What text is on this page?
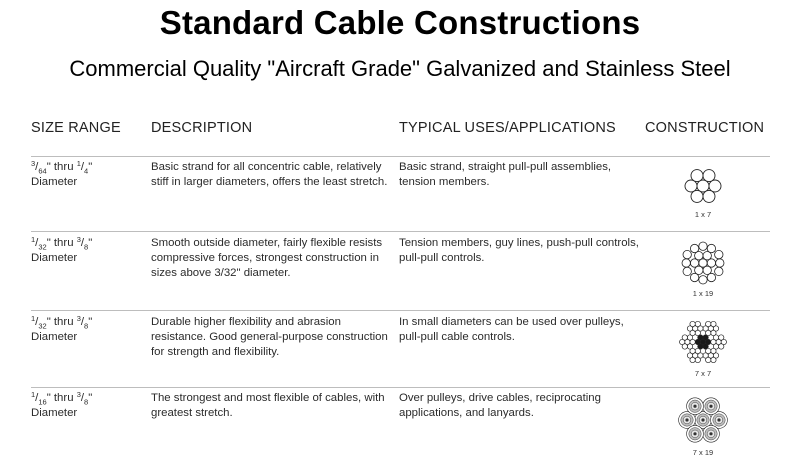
Standard Cable Constructions
Commercial Quality "Aircraft Grade" Galvanized and Stainless Steel
SIZE RANGE DESCRIPTION	TYPICAL USES/APPLICATIONS CONSTRUCTION
$^3/_{64}$" thru $^1/_4$"
Diameter
Basic strand for all concentric cable, relatively stiff in larger diameters, offers the least stretch.
Basic strand, straight pull-pull assemblies, tension members.
1 x 7
$^1/_{32}$" thru $^3/_8$"
Diameter
Smooth outside diameter, fairly flexible resists compressive forces, strongest construction in sizes above 3/32" diameter.
Tension members, guy lines, push-pull controls, pull-pull controls.
1 x 19
$^1/_{32}$" thru $^3/_8$"
Diameter
Durable higher flexibility and abrasion resistance. Good general-purpose construction for strength and flexibility.
In small diameters can be used over pulleys, pull-pull cable controls.
7 x 7
$^1/_{16}$" thru $^3/_8$"
Diameter
The strongest and most flexible of cables, with greatest stretch.
Over pulleys, drive cables, reciprocating applications, and lanyards.
7 x 19
